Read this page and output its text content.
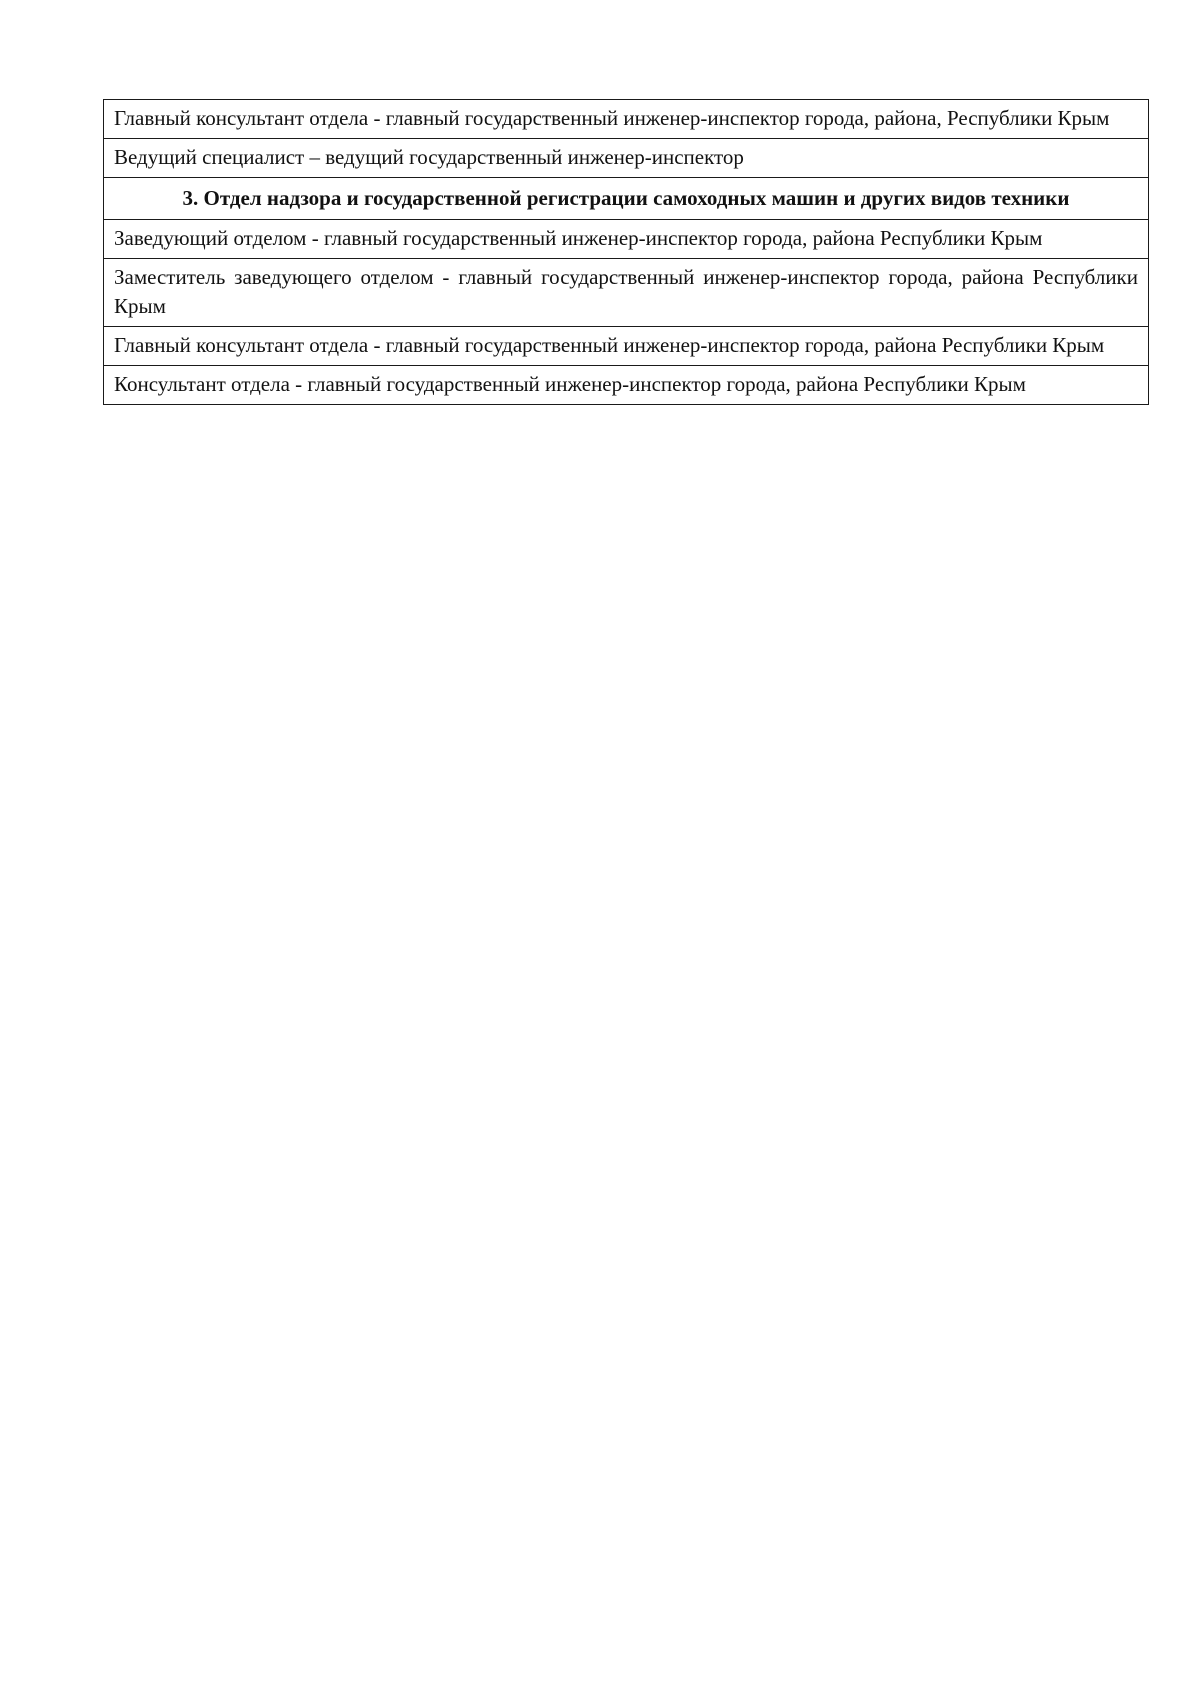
Главный консультант отдела - главный государственный инженер-инспектор города, района, Республики Крым
Ведущий специалист – ведущий государственный инженер-инспектор
3. Отдел надзора и государственной регистрации самоходных машин и других видов техники
Заведующий отделом - главный государственный инженер-инспектор города, района Республики Крым
Заместитель заведующего отделом - главный государственный инженер-инспектор города, района Республики Крым
Главный консультант отдела - главный государственный инженер-инспектор города, района Республики Крым
Консультант отдела - главный государственный инженер-инспектор города, района Республики Крым
